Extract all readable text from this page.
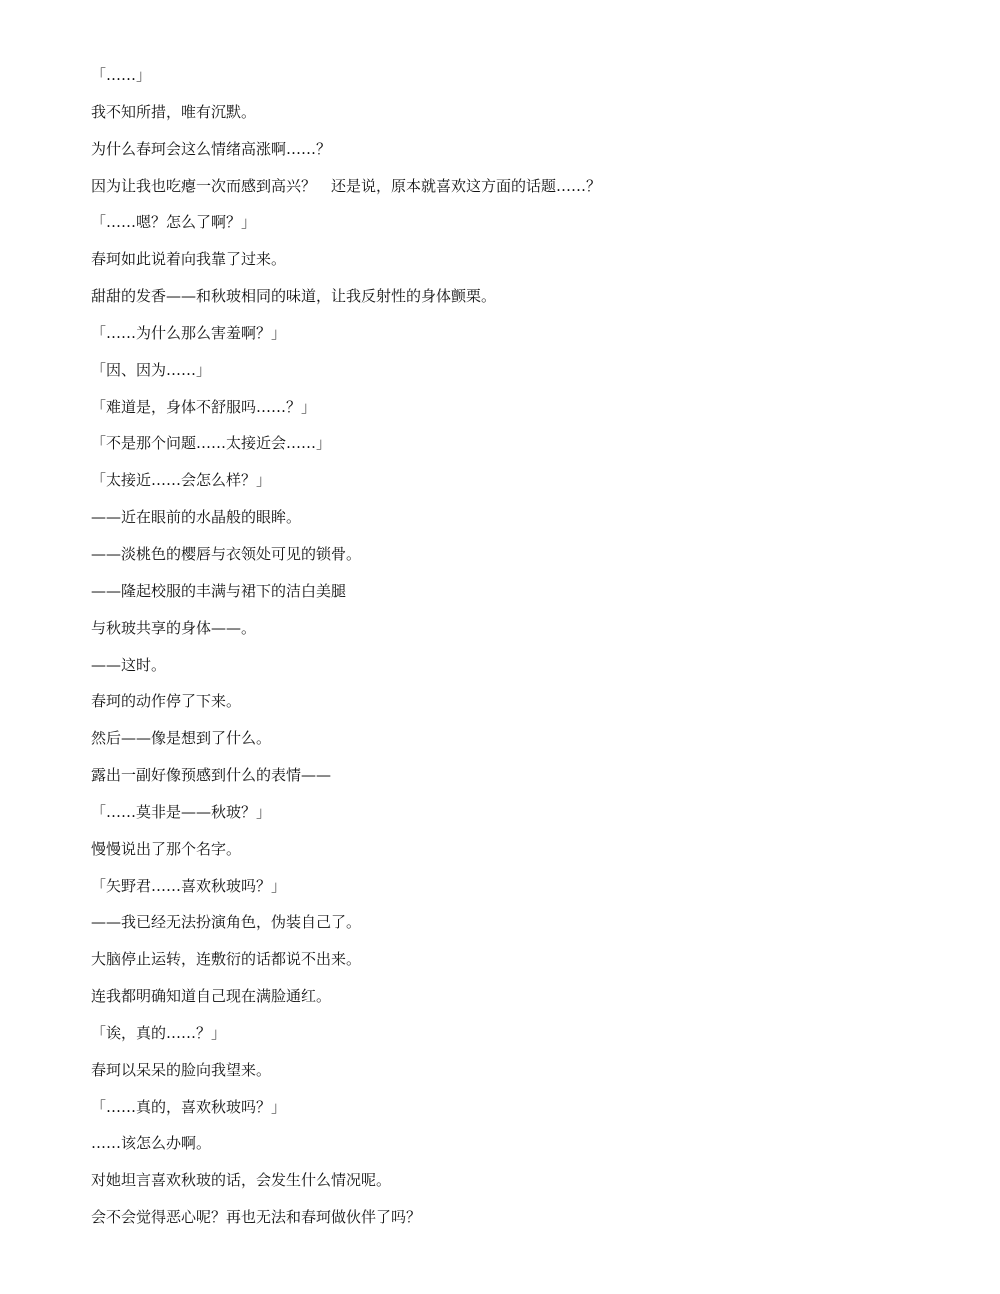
「……」
我不知所措，唯有沉默。
为什么春珂会这么情绪高涨啊……？
因为让我也吃瘪一次而感到高兴？　还是说，原本就喜欢这方面的话题……？
「……嗯？怎么了啊？」
春珂如此说着向我靠了过来。
甜甜的发香——和秋玻相同的味道，让我反射性的身体颤栗。
「……为什么那么害羞啊？」
「因、因为……」
「难道是，身体不舒服吗……？」
「不是那个问题……太接近会……」
「太接近……会怎么样？」
——近在眼前的水晶般的眼眸。
——淡桃色的樱唇与衣领处可见的锁骨。
——隆起校服的丰满与裙下的洁白美腿
与秋玻共享的身体——。
——这时。
春珂的动作停了下来。
然后——像是想到了什么。
露出一副好像预感到什么的表情——
「……莫非是——秋玻？」
慢慢说出了那个名字。
「矢野君……喜欢秋玻吗？」
——我已经无法扮演角色，伪装自己了。
大脑停止运转，连敷衍的话都说不出来。
连我都明确知道自己现在满脸通红。
「诶，真的……？」
春珂以呆呆的脸向我望来。
「……真的，喜欢秋玻吗？」
……该怎么办啊。
对她坦言喜欢秋玻的话，会发生什么情况呢。
会不会觉得恶心呢？再也无法和春珂做伙伴了吗？
